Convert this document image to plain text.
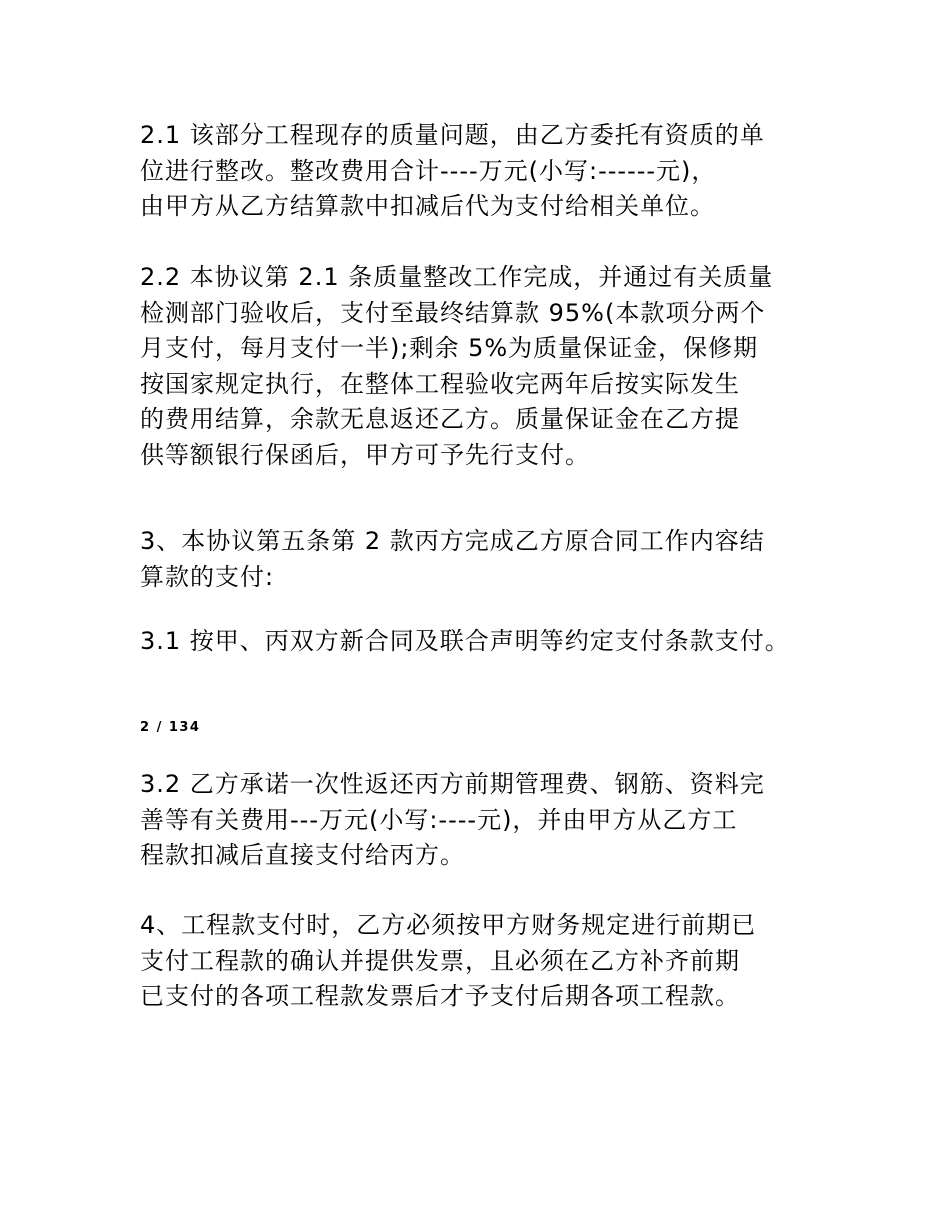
2.1 该部分工程现存的质量问题，由乙方委托有资质的单
位进行整改。整改费用合计----万元(小写:------元)，
由甲方从乙方结算款中扣减后代为支付给相关单位。
2.2 本协议第 2.1 条质量整改工作完成，并通过有关质量
检测部门验收后，支付至最终结算款 95%(本款项分两个
月支付，每月支付一半);剩余 5%为质量保证金，保修期
按国家规定执行，在整体工程验收完两年后按实际发生
的费用结算，余款无息返还乙方。质量保证金在乙方提
供等额银行保函后，甲方可予先行支付。
3、本协议第五条第 2 款丙方完成乙方原合同工作内容结
算款的支付:
3.1 按甲、丙双方新合同及联合声明等约定支付条款支付。
2 / 134
3.2 乙方承诺一次性返还丙方前期管理费、钢筋、资料完
善等有关费用---万元(小写:----元)，并由甲方从乙方工
程款扣减后直接支付给丙方。
4、工程款支付时，乙方必须按甲方财务规定进行前期已
支付工程款的确认并提供发票，且必须在乙方补齐前期
已支付的各项工程款发票后才予支付后期各项工程款。
